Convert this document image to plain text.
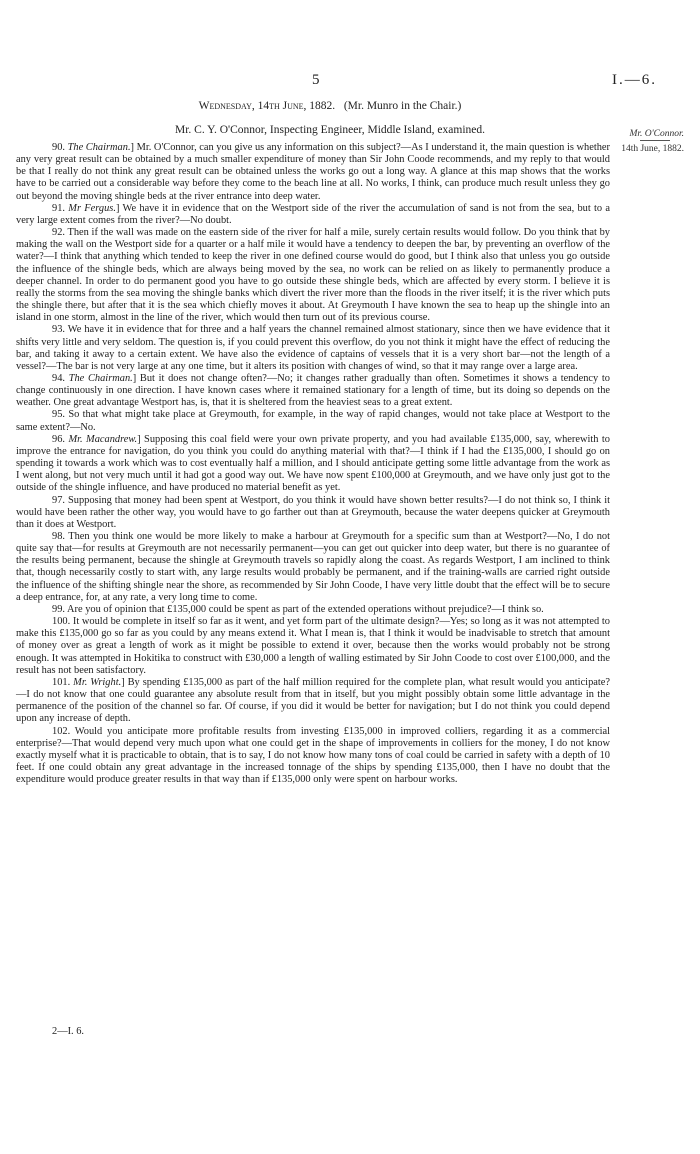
5	I.—6.
Wednesday, 14th June, 1882. (Mr. Munro in the Chair.)
Mr. C. Y. O'Connor, Inspecting Engineer, Middle Island, examined.	Mr. O'Connor.
14th June, 1882.

90. The Chairman.] Mr. O'Connor, can you give us any information on this subject?—As I understand it, the main question is whether any very great result can be obtained by a much smaller expenditure of money than Sir John Coode recommends, and my reply to that would be that I really do not think any great result can be obtained unless the works go out a long way. A glance at this map shows that the works have to be carried out a considerable way before they come to the beach line at all. No works, I think, can produce much result unless they go out beyond the moving shingle beds at the river entrance into deep water.

91. Mr Fergus.] We have it in evidence that on the Westport side of the river the accumulation of sand is not from the sea, but to a very large extent comes from the river?—No doubt.

92. Then if the wall was made on the eastern side of the river for half a mile, surely certain results would follow. Do you think that by making the wall on the Westport side for a quarter or a half mile it would have a tendency to deepen the bar, by preventing an overflow of the water?—I think that anything which tended to keep the river in one defined course would do good, but I think also that unless you go outside the influence of the shingle beds, which are always being moved by the sea, no work can be relied on as likely to permanently produce a deeper channel. In order to do permanent good you have to go outside these shingle beds, which are affected by every storm. I believe it is really the storms from the sea moving the shingle banks which divert the river more than the floods in the river itself; it is the river which puts the shingle there, but after that it is the sea which chiefly moves it about. At Greymouth I have known the sea to heap up the shingle into an island in one storm, almost in the line of the river, which would then turn out of its previous course.

93. We have it in evidence that for three and a half years the channel remained almost stationary, since then we have evidence that it shifts very little and very seldom. The question is, if you could prevent this overflow, do you not think it might have the effect of reducing the bar, and taking it away to a certain extent. We have also the evidence of captains of vessels that it is a very short bar—not the length of a vessel?—The bar is not very large at any one time, but it alters its position with changes of wind, so that it may range over a large area.

94. The Chairman.] But it does not change often?—No; it changes rather gradually than often. Sometimes it shows a tendency to change continuously in one direction. I have known cases where it remained stationary for a length of time, but its doing so depends on the weather. One great advantage Westport has, is, that it is sheltered from the heaviest seas to a great extent.

95. So that what might take place at Greymouth, for example, in the way of rapid changes, would not take place at Westport to the same extent?—No.

96. Mr. Macandrew.] Supposing this coal field were your own private property, and you had available £135,000, say, wherewith to improve the entrance for navigation, do you think you could do anything material with that?—I think if I had the £135,000, I should go on spending it towards a work which was to cost eventually half a million, and I should anticipate getting some little advantage from the work as I went along, but not very much until it had got a good way out. We have now spent £100,000 at Greymouth, and we have only just got to the outside of the shingle influence, and have produced no material benefit as yet.

97. Supposing that money had been spent at Westport, do you think it would have shown better results?—I do not think so, I think it would have been rather the other way, you would have to go farther out than at Greymouth, because the water deepens quicker at Greymouth than it does at Westport.

98. Then you think one would be more likely to make a harbour at Greymouth for a specific sum than at Westport?—No, I do not quite say that—for results at Greymouth are not necessarily permanent—you can get out quicker into deep water, but there is no guarantee of the results being permanent, because the shingle at Greymouth travels so rapidly along the coast. As regards Westport, I am inclined to think that, though necessarily costly to start with, any large results would probably be permanent, and if the training-walls are carried right outside the influence of the shifting shingle near the shore, as recommended by Sir John Coode, I have very little doubt that the effect will be to secure a deep entrance, for, at any rate, a very long time to come.

99. Are you of opinion that £135,000 could be spent as part of the extended operations without prejudice?—I think so.

100. It would be complete in itself so far as it went, and yet form part of the ultimate design?—Yes; so long as it was not attempted to make this £135,000 go so far as you could by any means extend it. What I mean is, that I think it would be inadvisable to stretch that amount of money over as great a length of work as it might be possible to extend it over, because then the works would probably not be strong enough. It was attempted in Hokitika to construct with £30,000 a length of walling estimated by Sir John Coode to cost over £100,000, and the result has not been satisfactory.

101. Mr. Wright.] By spending £135,000 as part of the half million required for the complete plan, what result would you anticipate?—I do not know that one could guarantee any absolute result from that in itself, but you might possibly obtain some little advantage in the permanence of the position of the channel so far. Of course, if you did it would be better for navigation; but I do not think you could depend upon any increase of depth.

102. Would you anticipate more profitable results from investing £135,000 in improved colliers, regarding it as a commercial enterprise?—That would depend very much upon what one could get in the shape of improvements in colliers for the money, I do not know exactly myself what it is practicable to obtain, that is to say, I do not know how many tons of coal could be carried in safety with a depth of 10 feet. If one could obtain any great advantage in the increased tonnage of the ships by spending £135,000, then I have no doubt that the expenditure would produce greater results in that way than if £135,000 only were spent on harbour works.

2—I. 6.
